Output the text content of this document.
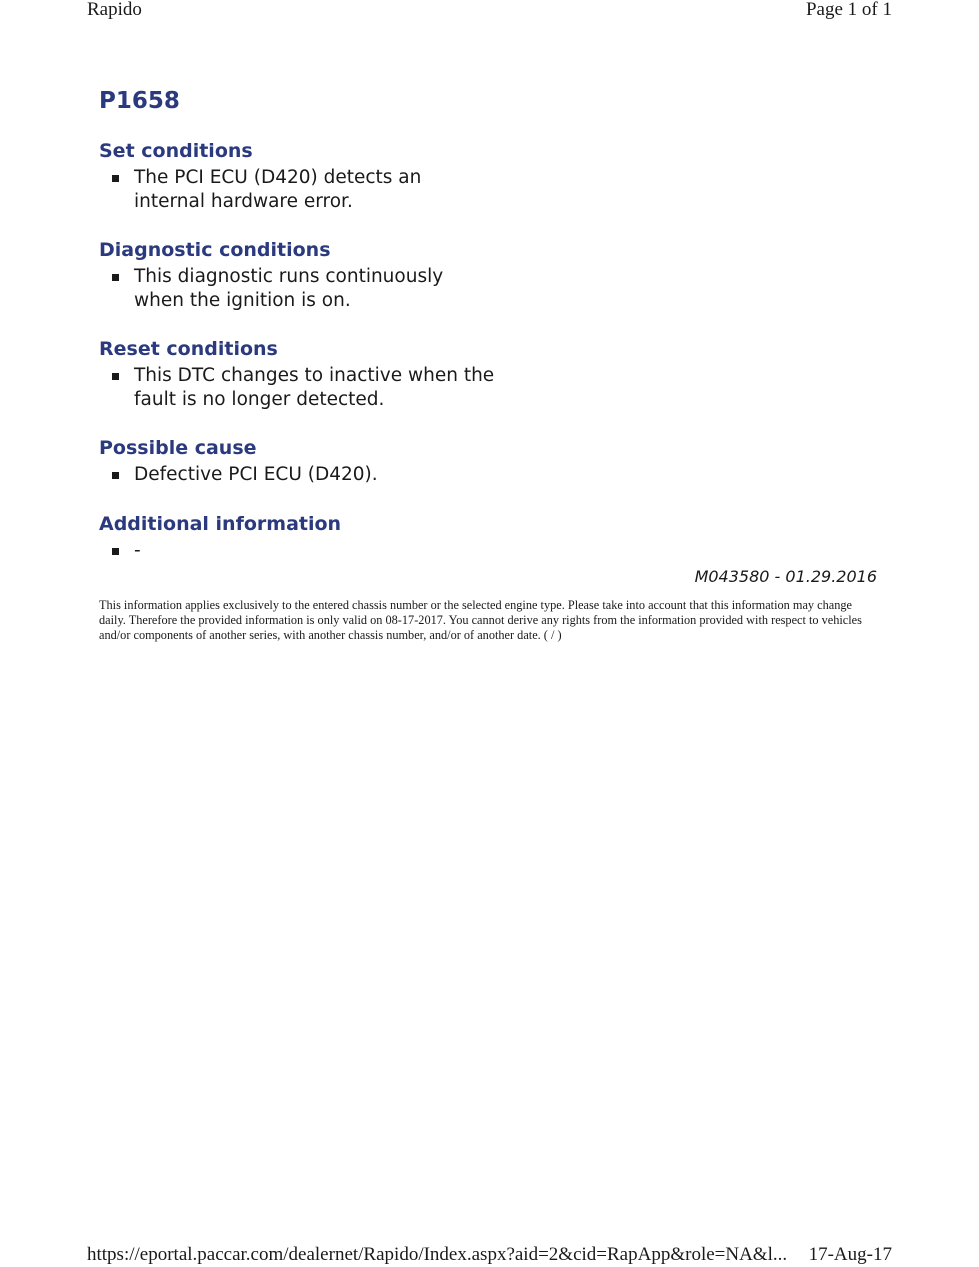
Rapido	Page 1 of 1
P1658
Set conditions
The PCI ECU (D420) detects an internal hardware error.
Diagnostic conditions
This diagnostic runs continuously when the ignition is on.
Reset conditions
This DTC changes to inactive when the fault is no longer detected.
Possible cause
Defective PCI ECU (D420).
Additional information
-
M043580 - 01.29.2016
This information applies exclusively to the entered chassis number or the selected engine type. Please take into account that this information may change daily. Therefore the provided information is only valid on 08-17-2017. You cannot derive any rights from the information provided with respect to vehicles and/or components of another series, with another chassis number, and/or of another date. ( / )
https://eportal.paccar.com/dealernet/Rapido/Index.aspx?aid=2&cid=RapApp&role=NA&l... 17-Aug-17
